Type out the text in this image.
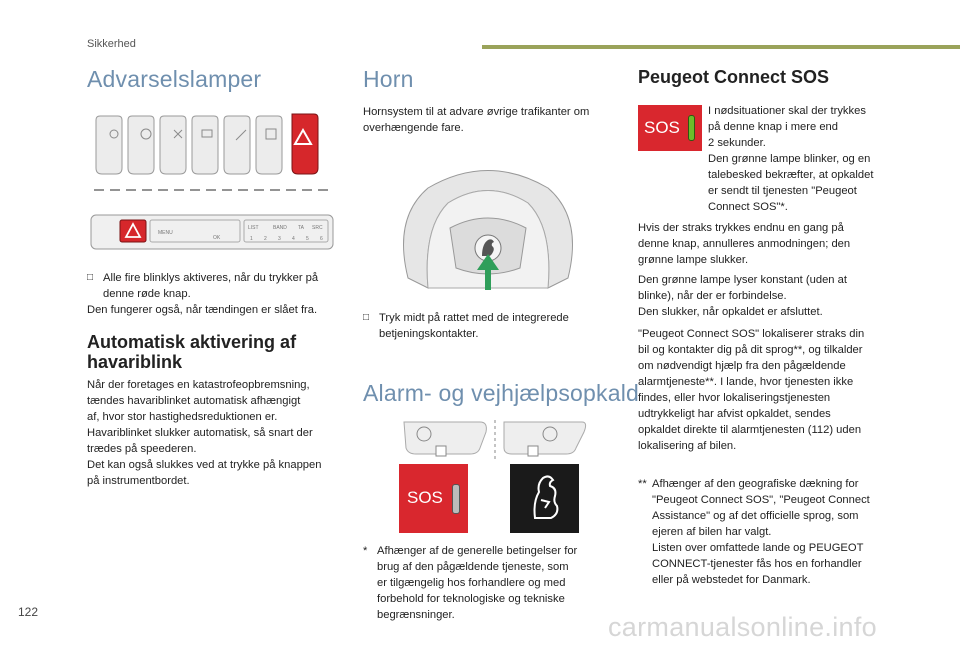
Sikkerhed
Advarselslamper
MENU
OK
LIST	BAND TA SRC
1 2 3 4 5 6
□ Alle fire blinklys aktiveres, når du trykker på denne røde knap.

Den fungerer også, når tændingen er slået fra.

Automatisk aktivering af
havariblink
Når der foretages en katastrofeopbremsning,
tændes havariblinket automatisk afhængigt
af, hvor stor hastighedsreduktionen er.
Havariblinket slukker automatisk, så snart der
trædes på speederen.
Det kan også slukkes ved at trykke på knappen
på instrumentbordet.
Horn
Hornsystem til at advare øvrige trafikanter om
overhængende fare.
□ Tryk midt på rattet med de integrerede
betjeningskontakter.
Alarm- og vejhjælpsopkald
SOS
* Afhænger af de generelle betingelser for
brug af den pågældende tjeneste, som
er tilgængelig hos forhandlere og med
forbehold for teknologiske og tekniske
begrænsninger.
Peugeot Connect SOS
SOS
I nødsituationer skal der trykkes
på denne knap i mere end
2 sekunder.
Den grønne lampe blinker, og en
talebesked bekræfter, at opkaldet
er sendt til tjenesten "Peugeot
Connect SOS"*.
Hvis der straks trykkes endnu en gang på
denne knap, annulleres anmodningen; den
grønne lampe slukker.
Den grønne lampe lyser konstant (uden at
blinke), når der er forbindelse.
Den slukker, når opkaldet er afsluttet.
"Peugeot Connect SOS" lokaliserer straks din
bil og kontakter dig på dit sprog**, og tilkalder
om nødvendigt hjælp fra den pågældende
alarmtjeneste**. I lande, hvor tjenesten ikke
findes, eller hvor lokaliseringstjenesten
udtrykkeligt har afvist opkaldet, sendes
opkaldet direkte til alarmtjenesten (112) uden
lokalisering af bilen.
** Afhænger af den geografiske dækning for
"Peugeot Connect SOS", "Peugeot Connect
Assistance" og af det officielle sprog, som
ejeren af bilen har valgt.
Listen over omfattede lande og PEUGEOT
CONNECT-tjenester fås hos en forhandler
eller på webstedet for Danmark.
122	carmanualsonline.info
